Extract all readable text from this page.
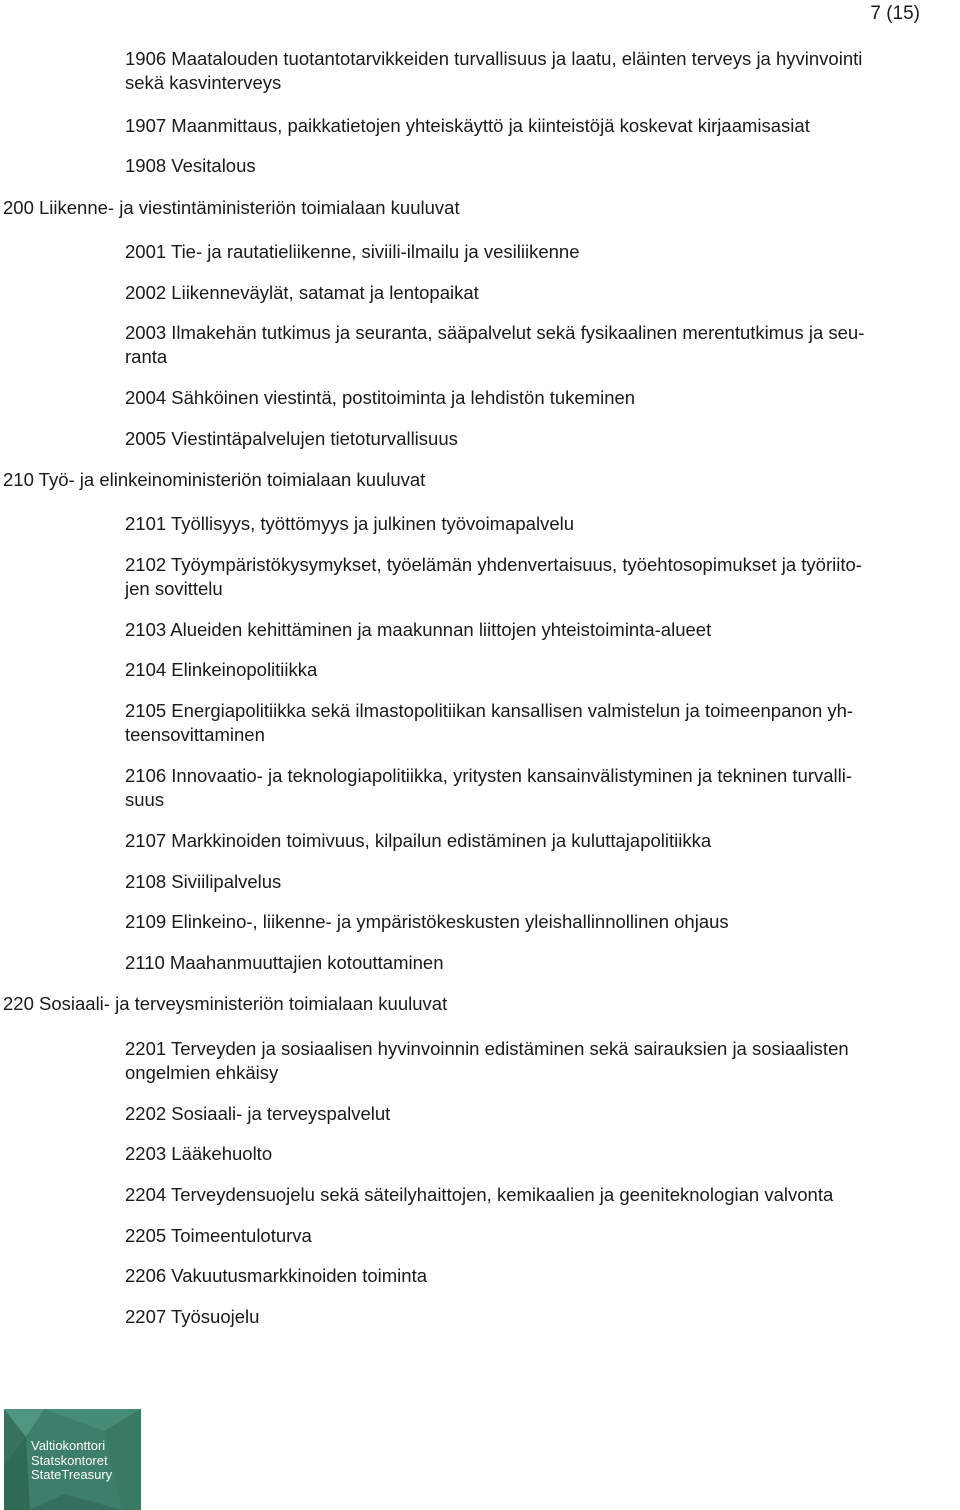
7 (15)
1906 Maatalouden tuotantotarvikkeiden turvallisuus ja laatu, eläinten terveys ja hyvinvointi
sekä kasvinterveys
1907 Maanmittaus, paikkatietojen yhteiskäyttö ja kiinteistöjä koskevat kirjaamisasiat
1908 Vesitalous
200 Liikenne- ja viestintäministeriön toimialaan kuuluvat
2001 Tie- ja rautatieliikenne, siviili-ilmailu ja vesiliikenne
2002 Liikenneväylät, satamat ja lentopaikat
2003 Ilmakehän tutkimus ja seuranta, sääpalvelut sekä fysikaalinen merentutkimus ja seu-
ranta
2004 Sähköinen viestintä, postitoiminta ja lehdistön tukeminen
2005 Viestintäpalvelujen tietoturvallisuus
210 Työ- ja elinkeinoministeriön toimialaan kuuluvat
2101 Työllisyys, työttömyys ja julkinen työvoimapalvelu
2102 Työympäristökysymykset, työelämän yhdenvertaisuus, työehtosopimukset ja työriito-
jen sovittelu
2103 Alueiden kehittäminen ja maakunnan liittojen yhteistoiminta-alueet
2104 Elinkeinopolitiikka
2105 Energiapolitiikka sekä ilmastopolitiikan kansallisen valmistelun ja toimeenpanon yh-
teensovittaminen
2106 Innovaatio- ja teknologiapolitiikka, yritysten kansainvälistyminen ja tekninen turvalli-
suus
2107 Markkinoiden toimivuus, kilpailun edistäminen ja kuluttajapolitiikka
2108 Siviilipalvelus
2109 Elinkeino-, liikenne- ja ympäristökeskusten yleishallinnollinen ohjaus
2110 Maahanmuuttajien kotouttaminen
220 Sosiaali- ja terveysministeriön toimialaan kuuluvat
2201 Terveyden ja sosiaalisen hyvinvoinnin edistäminen sekä sairauksien ja sosiaalisten
ongelmien ehkäisy
2202 Sosiaali- ja terveyspalvelut
2203 Lääkehuolto
2204 Terveydensuojelu sekä säteilyhaittojen, kemikaalien ja geeniteknologian valvonta
2205 Toimeentuloturva
2206 Vakuutusmarkkinoiden toiminta
2207 Työsuojelu
Valtiokonttori
Statskontoret
StateTreasury
